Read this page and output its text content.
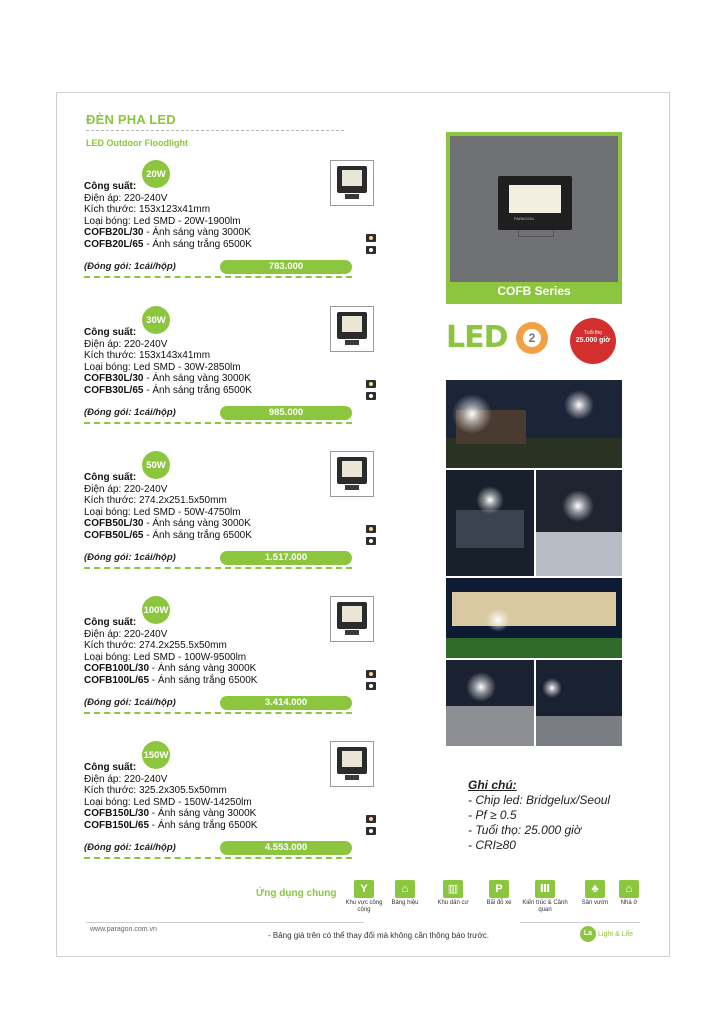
ĐÈN PHA LED
LED Outdoor Floodlight
20W
Công suất:
Điện áp: 220-240V
Kích thước: 153x123x41mm
Loại bóng: Led SMD - 20W-1900lm
COFB20L/30 - Ánh sáng vàng 3000K
COFB20L/65 - Ánh sáng trắng 6500K
(Đóng gói: 1cái/hộp)	783.000
30W
Công suất:
Điện áp: 220-240V
Kích thước: 153x143x41mm
Loại bóng: Led SMD - 30W-2850lm
COFB30L/30 - Ánh sáng vàng 3000K
COFB30L/65 - Ánh sáng trắng 6500K
(Đóng gói: 1cái/hộp)	985.000
50W
Công suất:
Điện áp: 220-240V
Kích thước: 274.2x251.5x50mm
Loại bóng: Led SMD - 50W-4750lm
COFB50L/30 - Ánh sáng vàng 3000K
COFB50L/65 - Ánh sáng trắng 6500K
(Đóng gói: 1cái/hộp)	1.517.000
100W
Công suất:
Điện áp: 220-240V
Kích thước: 274.2x255.5x50mm
Loại bóng: Led SMD - 100W-9500lm
COFB100L/30 - Ánh sáng vàng 3000K
COFB100L/65 - Ánh sáng trắng 6500K
(Đóng gói: 1cái/hộp)	3.414.000
150W
Công suất:
Điện áp: 220-240V
Kích thước: 325.2x305.5x50mm
Loại bóng: Led SMD - 150W-14250lm
COFB150L/30 - Ánh sáng vàng 3000K
COFB150L/65 - Ánh sáng trắng 6500K
(Đóng gói: 1cái/hộp)	4.553.000
PARAGON
COFB Series
LED	2	Tuổi thọ
25.000 giờ
Ghi chú:
- Chip led: Bridgelux/Seoul
- Pf ≥ 0.5
- Tuổi thọ: 25.000 giờ
- CRI≥80
Ứng dụng chung	Y
Khu vực công cộng
⌂
Bảng hiệu
▥
Khu dân cư
P
Bãi đỗ xe
Ⅲ
Kiến trúc & Cảnh quan
♣
Sân vườn
⌂
Nhà ở
www.paragon.com.vn
- Bảng giá trên có thể thay đổi mà không cần thông báo trước.	La Light & Life
